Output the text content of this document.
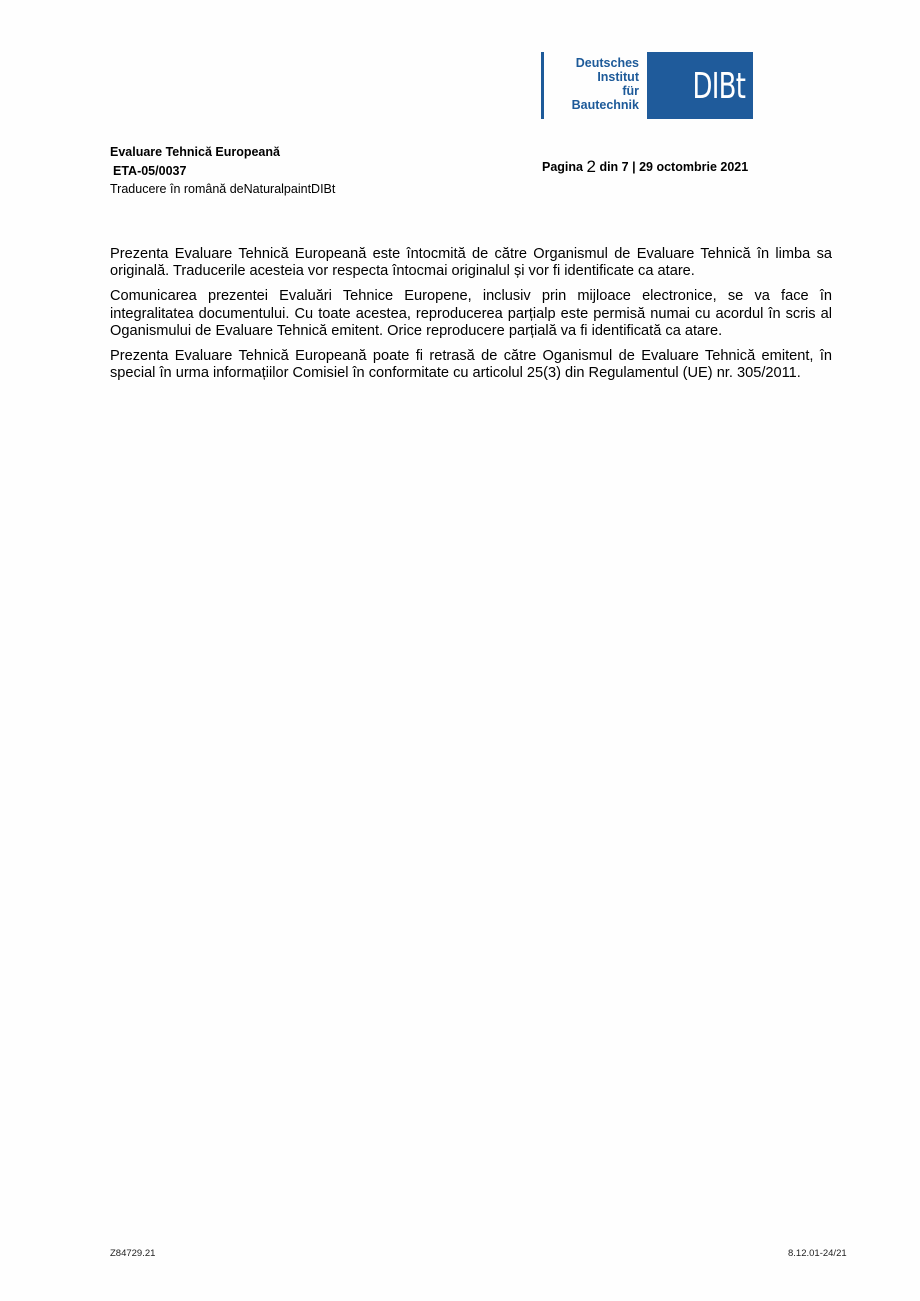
Deutsches
Institut
für
Bautechnik DIBt
Evaluare Tehnică Europeană
ETA-05/0037
Traducere în română deNaturalpaintDIBt
Pagina 2 din 7 | 29 octombrie 2021

Prezenta Evaluare Tehnică Europeană este întocmită de către Organismul de Evaluare Tehnică în limba sa originală. Traducerile acesteia vor respecta întocmai originalul și vor fi identificate ca atare.

Comunicarea prezentei Evaluări Tehnice Europene, inclusiv prin mijloace electronice, se va face în integralitatea documentului. Cu toate acestea, reproducerea parțialp este permisă numai cu acordul în scris al Oganismului de Evaluare Tehnică emitent. Orice reproducere parțială va fi identificată ca atare.

Prezenta Evaluare Tehnică Europeană poate fi retrasă de către Oganismul de Evaluare Tehnică emitent, în special în urma informațiilor Comisiel în conformitate cu articolul 25(3) din Regulamentul (UE) nr. 305/2011.

Z84729.21	8.12.01-24/21
